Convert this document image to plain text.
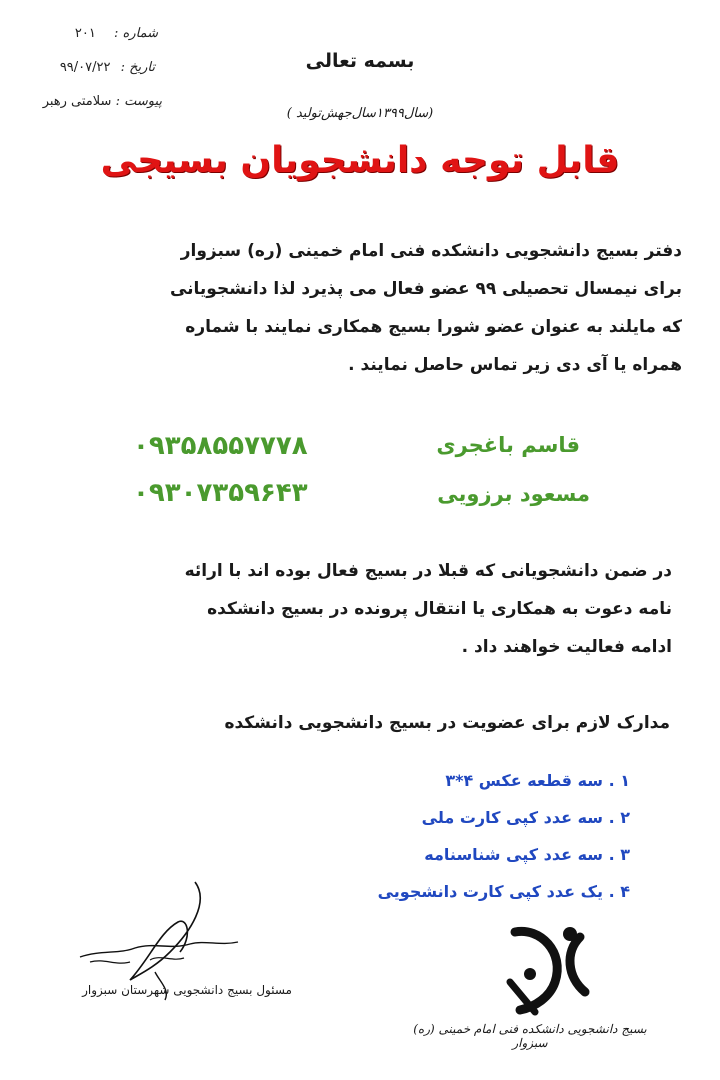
شماره : ۲۰۱
تاریخ : ۹۹/۰۷/۲۲
پیوست : سلامتی رهبر
بسمه تعالی
(سال۱۳۹۹سال‌جهش‌تولید )
قابل توجه دانشجویان بسیجی
دفتر بسیج دانشجویی دانشکده فنی امام خمینی (ره) سبزوار
برای نیمسال تحصیلی ۹۹ عضو فعال می پذیرد لذا دانشجویانی
که مایلند به عنوان عضو شورا بسیج همکاری نمایند با شماره
همراه یا آی دی زیر تماس حاصل نمایند .
قاسم باغجری
۰۹۳۵۸۵۵۷۷۷۸
مسعود برزویی
۰۹۳۰۷۳۵۹۶۴۳
در ضمن دانشجویانی که قبلا در بسیج فعال بوده اند با ارائه
نامه دعوت به همکاری یا انتقال پرونده در بسیج دانشکده
ادامه فعالیت خواهند داد .
مدارک لازم برای عضویت در بسیج دانشجویی دانشکده
۱ . سه قطعه عکس ۴*۳
۲ . سه عدد کپی کارت ملی
۳ . سه عدد کپی شناسنامه
۴ . یک عدد کپی کارت دانشجویی
مسئول بسیج دانشجویی شهرستان سبزوار
بسیج دانشجویی دانشکده فنی امام خمینی (ره) سبزوار
